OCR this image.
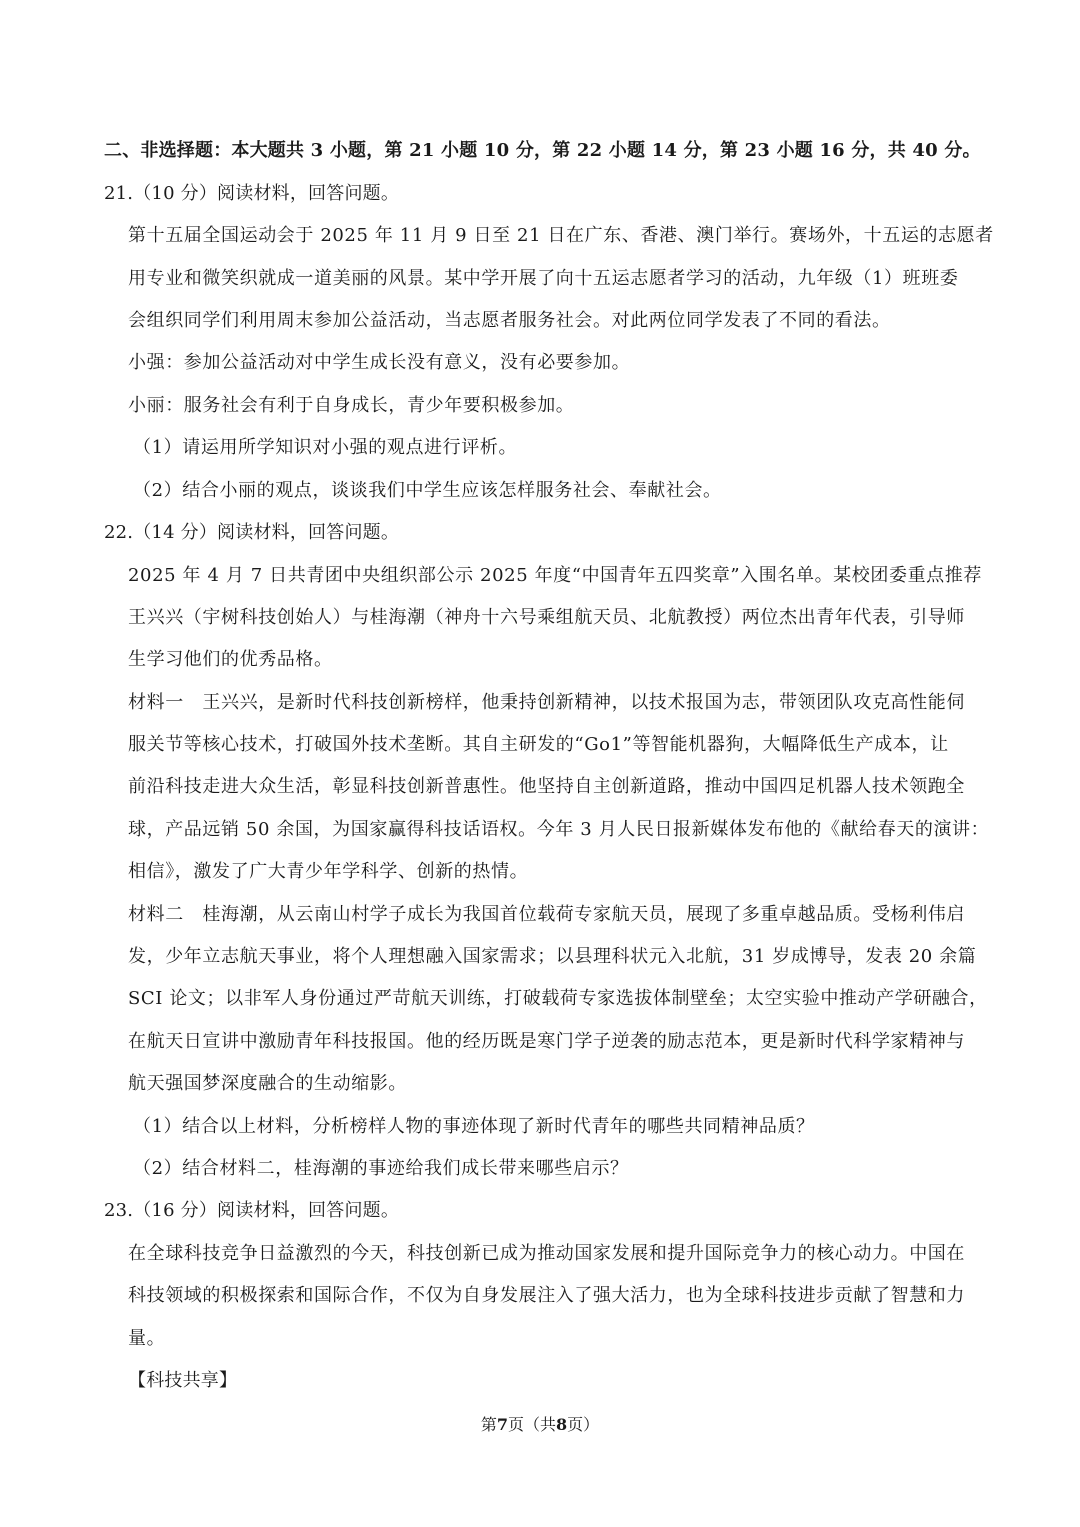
二、非选择题：本大题共 3 小题，第 21 小题 10 分，第 22 小题 14 分，第 23 小题 16 分，共 40 分。
21.（10 分）阅读材料，回答问题。
第十五届全国运动会于 2025 年 11 月 9 日至 21 日在广东、香港、澳门举行。赛场外，十五运的志愿者
用专业和微笑织就成一道美丽的风景。某中学开展了向十五运志愿者学习的活动，九年级（1）班班委
会组织同学们利用周末参加公益活动，当志愿者服务社会。对此两位同学发表了不同的看法。
小强：参加公益活动对中学生成长没有意义，没有必要参加。
小丽：服务社会有利于自身成长，青少年要积极参加。
（1）请运用所学知识对小强的观点进行评析。
（2）结合小丽的观点，谈谈我们中学生应该怎样服务社会、奉献社会。
22.（14 分）阅读材料，回答问题。
2025 年 4 月 7 日共青团中央组织部公示 2025 年度“中国青年五四奖章”入围名单。某校团委重点推荐
王兴兴（宇树科技创始人）与桂海潮（神舟十六号乘组航天员、北航教授）两位杰出青年代表，引导师
生学习他们的优秀品格。
材料一　王兴兴，是新时代科技创新榜样，他秉持创新精神，以技术报国为志，带领团队攻克高性能伺
服关节等核心技术，打破国外技术垄断。其自主研发的“Go1”等智能机器狗，大幅降低生产成本，让
前沿科技走进大众生活，彰显科技创新普惠性。他坚持自主创新道路，推动中国四足机器人技术领跑全
球，产品远销 50 余国，为国家赢得科技话语权。今年 3 月人民日报新媒体发布他的《献给春天的演讲：
相信》，激发了广大青少年学科学、创新的热情。
材料二　桂海潮，从云南山村学子成长为我国首位载荷专家航天员，展现了多重卓越品质。受杨利伟启
发，少年立志航天事业，将个人理想融入国家需求；以县理科状元入北航，31 岁成博导，发表 20 余篇
SCI 论文；以非军人身份通过严苛航天训练，打破载荷专家选拔体制壁垒；太空实验中推动产学研融合，
在航天日宣讲中激励青年科技报国。他的经历既是寒门学子逆袭的励志范本，更是新时代科学家精神与
航天强国梦深度融合的生动缩影。
（1）结合以上材料，分析榜样人物的事迹体现了新时代青年的哪些共同精神品质？
（2）结合材料二，桂海潮的事迹给我们成长带来哪些启示？
23.（16 分）阅读材料，回答问题。
在全球科技竞争日益激烈的今天，科技创新已成为推动国家发展和提升国际竞争力的核心动力。中国在
科技领域的积极探索和国际合作，不仅为自身发展注入了强大活力，也为全球科技进步贡献了智慧和力
量。
【科技共享】
第7页（共8页）
